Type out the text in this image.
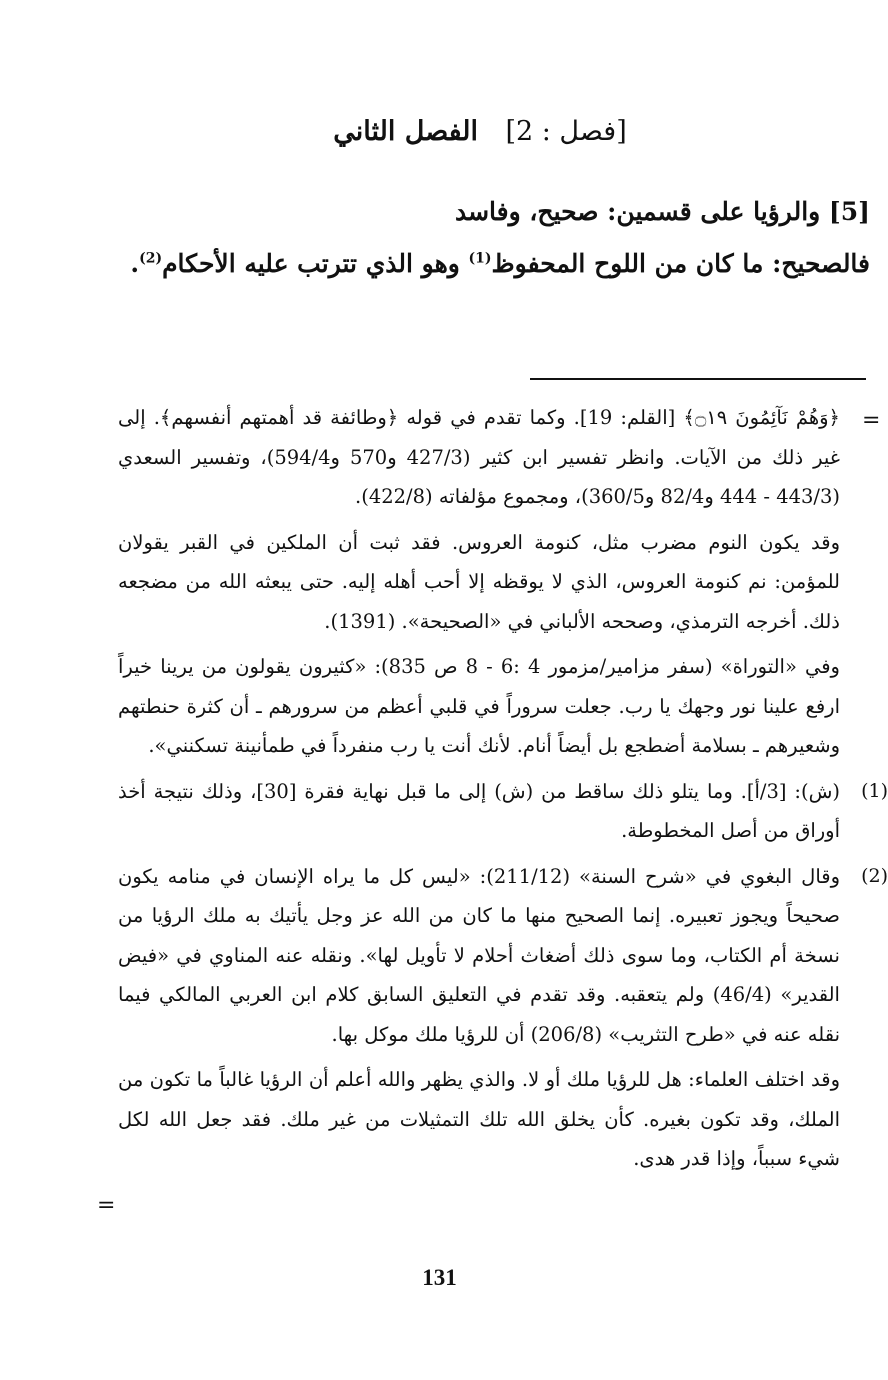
[فصل : 2] الفصل الثاني

[5] والرؤيا على قسمين: صحيح، وفاسد

فالصحيح: ما كان من اللوح المحفوظ$^{(1)}$ وهو الذي تترتب عليه الأحكام$^{(2)}$.

=

﴿وَهُمْ نَآئِمُونَ ۝١٩﴾ [القلم: 19]. وكما تقدم في قوله ﴿وطائفة قد أهمتهم أنفسهم﴾. إلى غير ذلك من الآيات. وانظر تفسير ابن كثير (427/3 و570 و594/4)، وتفسير السعدي (443/3 - 444 و82/4 و360/5)، ومجموع مؤلفاته (422/8).

وقد يكون النوم مضرب مثل، كنومة العروس. فقد ثبت أن الملكين في القبر يقولان للمؤمن: نم كنومة العروس، الذي لا يوقظه إلا أحب أهله إليه. حتى يبعثه الله من مضجعه ذلك. أخرجه الترمذي، وصححه الألباني في «الصحيحة». (1391).

وفي «التوراة» (سفر مزامير/مزمور 4 :6 - 8 ص 835): «كثيرون يقولون من يرينا خيراً ارفع علينا نور وجهك يا رب. جعلت سروراً في قلبي أعظم من سرورهم ـ أن كثرة حنطتهم وشعيرهم ـ بسلامة أضطجع بل أيضاً أنام. لأنك أنت يا رب منفرداً في طمأنينة تسكنني».

(1)
(ش): [3/أ]. وما يتلو ذلك ساقط من (ش) إلى ما قبل نهاية فقرة [30]، وذلك نتيجة أخذ أوراق من أصل المخطوطة.

(2)
وقال البغوي في «شرح السنة» (211/12): «ليس كل ما يراه الإنسان في منامه يكون صحيحاً ويجوز تعبيره. إنما الصحيح منها ما كان من الله عز وجل يأتيك به ملك الرؤيا من نسخة أم الكتاب، وما سوى ذلك أضغاث أحلام لا تأويل لها». ونقله عنه المناوي في «فيض القدير» (46/4) ولم يتعقبه. وقد تقدم في التعليق السابق كلام ابن العربي المالكي فيما نقله عنه في «طرح التثريب» (206/8) أن للرؤيا ملك موكل بها.

وقد اختلف العلماء: هل للرؤيا ملك أو لا. والذي يظهر والله أعلم أن الرؤيا غالباً ما تكون من الملك، وقد تكون بغيره. كأن يخلق الله تلك التمثيلات من غير ملك. فقد جعل الله لكل شيء سبباً، وإذا قدر هدى.

=
131
